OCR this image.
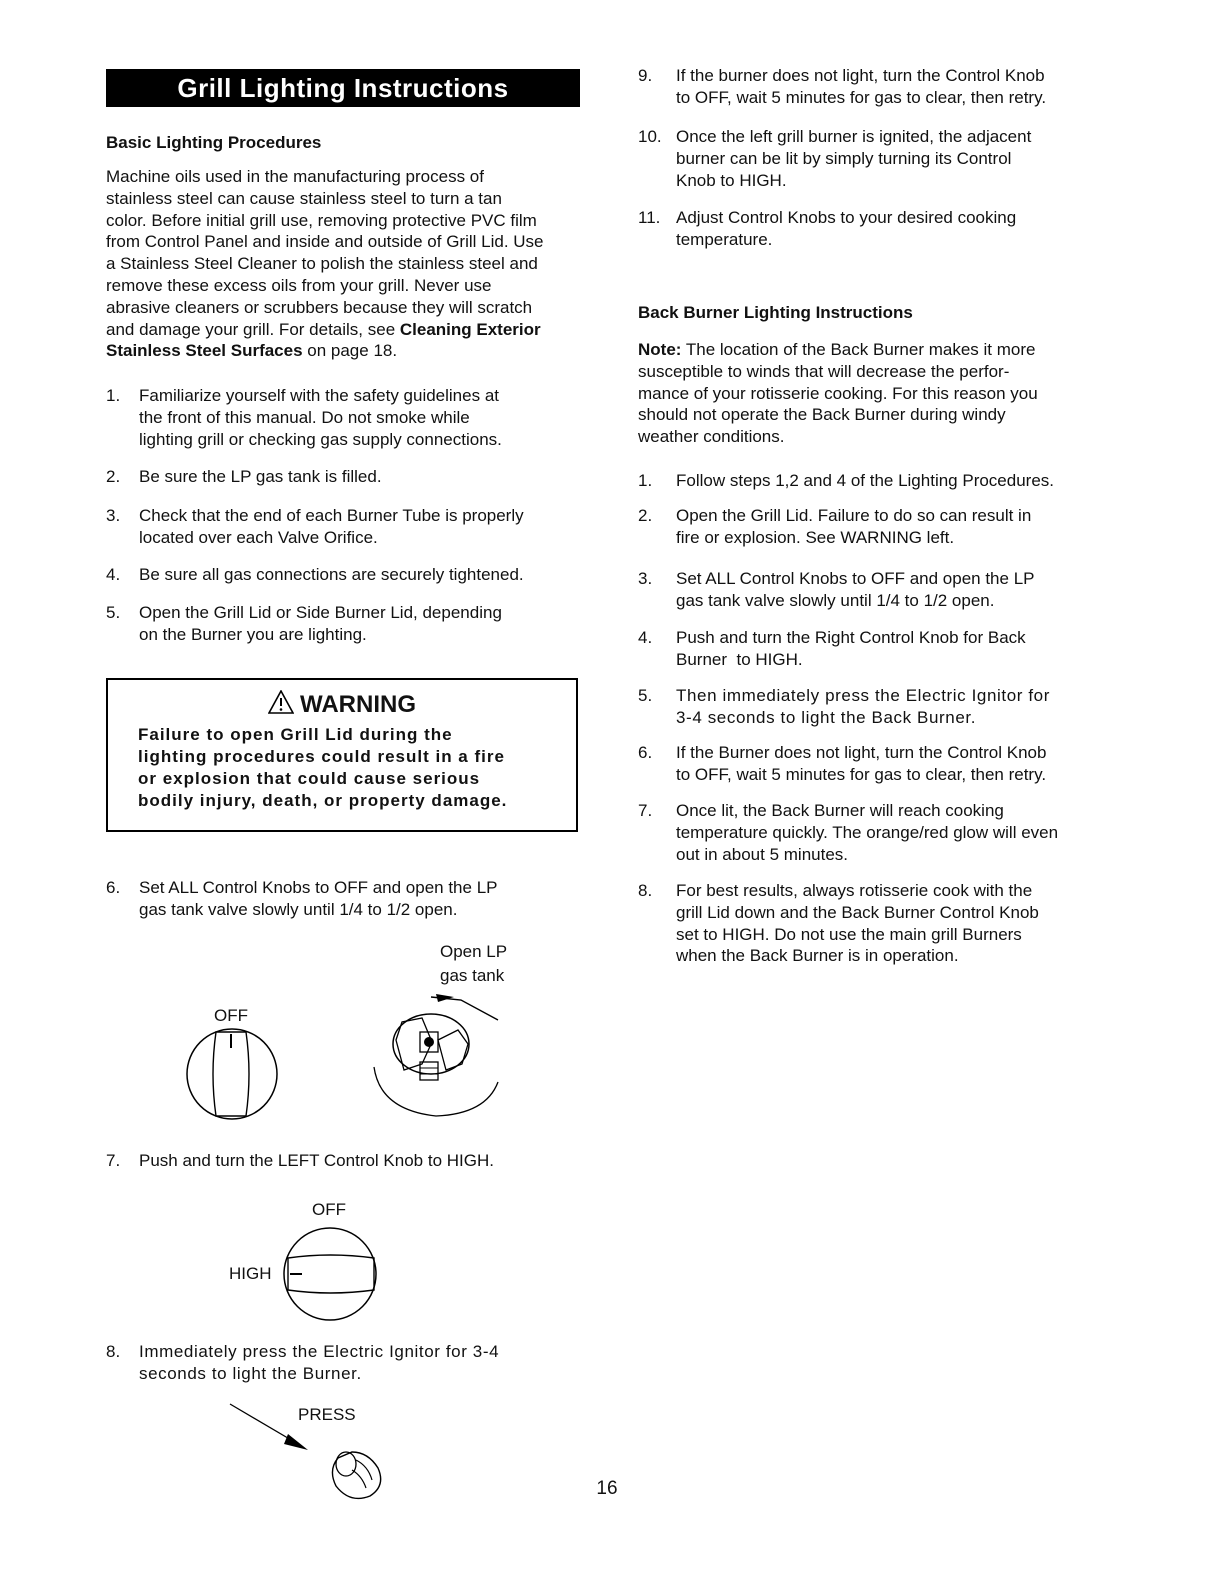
Grill Lighting Instructions
Basic Lighting Procedures
Machine oils used in the manufacturing process of
stainless steel can cause stainless steel to turn a tan
color. Before initial grill use, removing protective PVC film
from Control Panel and inside and outside of Grill Lid. Use
a Stainless Steel Cleaner to polish the stainless steel and
remove these excess oils from your grill. Never use
abrasive cleaners or scrubbers because they will scratch
and damage your grill. For details, see Cleaning Exterior
Stainless Steel Surfaces on page 18.
1. Familiarize yourself with the safety guidelines at
the front of this manual. Do not smoke while
lighting grill or checking gas supply connections.
2. Be sure the LP gas tank is filled.
3. Check that the end of each Burner Tube is properly
located over each Valve Orifice.
4. Be sure all gas connections are securely tightened.
5. Open the Grill Lid or Side Burner Lid, depending
on the Burner you are lighting.
WARNING
Failure to open Grill Lid during the
lighting procedures could result in a fire
or explosion that could cause serious
bodily injury, death, or property damage.
6. Set ALL Control Knobs to OFF and open the LP
gas tank valve slowly until 1/4 to 1/2 open.
Open LP
gas tank
OFF
7. Push and turn the LEFT Control Knob to HIGH.
OFF
HIGH
8. Immediately press the Electric Ignitor for 3-4
seconds to light the Burner.
PRESS
9. If the burner does not light, turn the Control Knob
to OFF, wait 5 minutes for gas to clear, then retry.
10. Once the left grill burner is ignited, the adjacent
burner can be lit by simply turning its Control
Knob to HIGH.
11. Adjust Control Knobs to your desired cooking
temperature.
Back Burner Lighting Instructions
Note: The location of the Back Burner makes it more
susceptible to winds that will decrease the perfor-
mance of your rotisserie cooking. For this reason you
should not operate the Back Burner during windy
weather conditions.
1. Follow steps 1,2 and 4 of the Lighting Procedures.
2. Open the Grill Lid. Failure to do so can result in
fire or explosion. See WARNING left.
3. Set ALL Control Knobs to OFF and open the LP
gas tank valve slowly until 1/4 to 1/2 open.
4. Push and turn the Right Control Knob for Back
Burner  to HIGH.
5. Then immediately press the Electric Ignitor for
3-4 seconds to light the Back Burner.
6. If the Burner does not light, turn the Control Knob
to OFF, wait 5 minutes for gas to clear, then retry.
7. Once lit, the Back Burner will reach cooking
temperature quickly. The orange/red glow will even
out in about 5 minutes.
8. For best results, always rotisserie cook with the
grill Lid down and the Back Burner Control Knob
set to HIGH. Do not use the main grill Burners
when the Back Burner is in operation.
16
